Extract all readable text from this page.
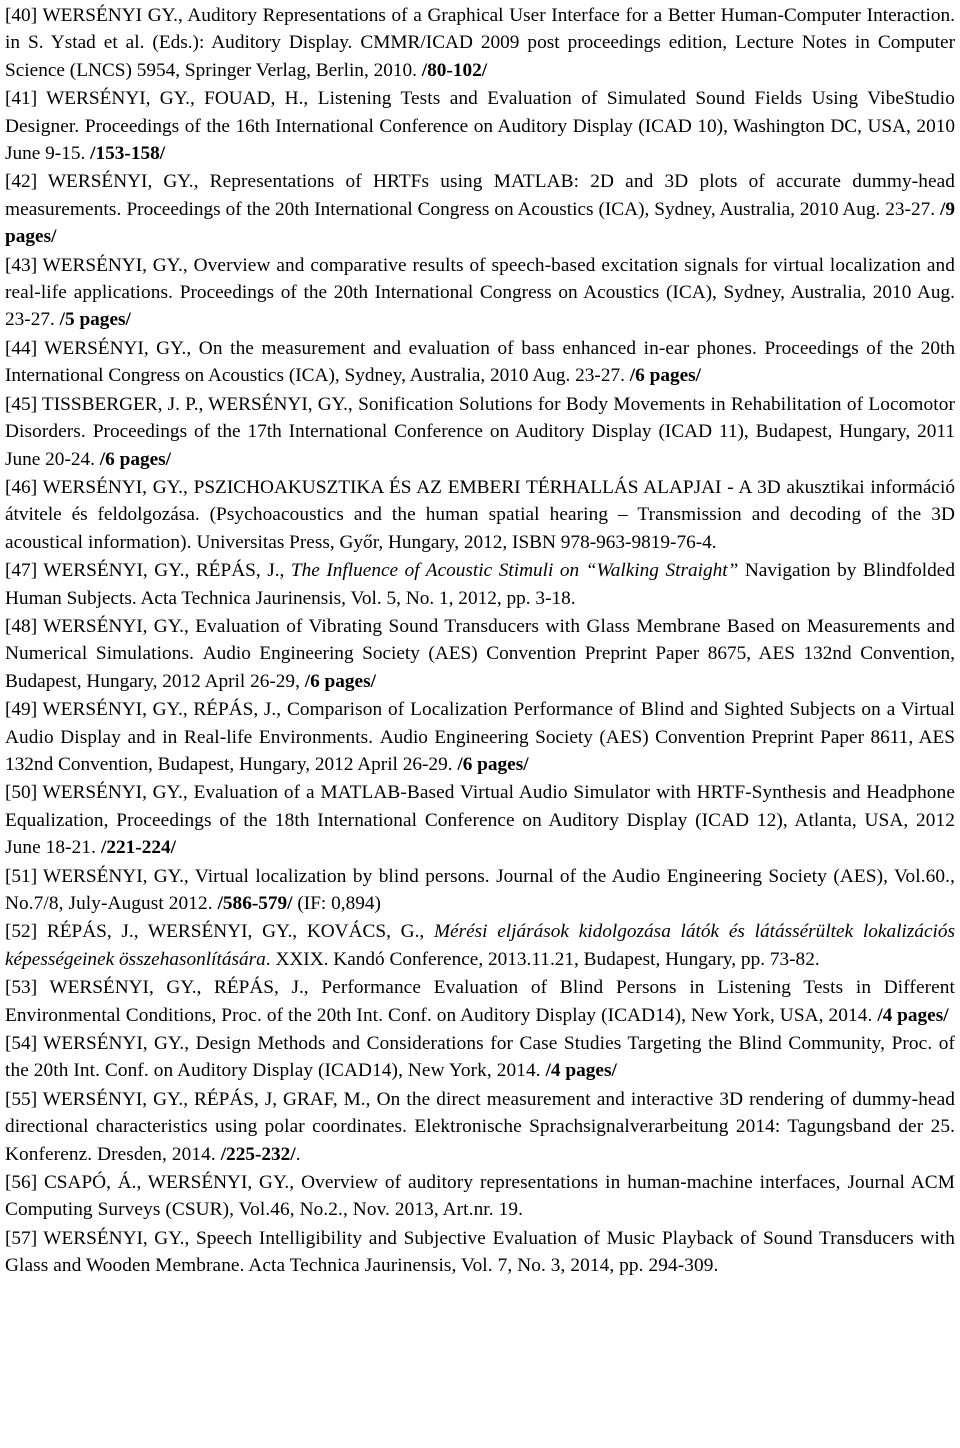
[40] WERSÉNYI GY., Auditory Representations of a Graphical User Interface for a Better Human-Computer Interaction. in S. Ystad et al. (Eds.): Auditory Display. CMMR/ICAD 2009 post proceedings edition, Lecture Notes in Computer Science (LNCS) 5954, Springer Verlag, Berlin, 2010. /80-102/

[41] WERSÉNYI, GY., FOUAD, H., Listening Tests and Evaluation of Simulated Sound Fields Using VibeStudio Designer. Proceedings of the 16th International Conference on Auditory Display (ICAD 10), Washington DC, USA, 2010 June 9-15. /153-158/

[42] WERSÉNYI, GY., Representations of HRTFs using MATLAB: 2D and 3D plots of accurate dummy-head measurements. Proceedings of the 20th International Congress on Acoustics (ICA), Sydney, Australia, 2010 Aug. 23-27. /9 pages/

[43] WERSÉNYI, GY., Overview and comparative results of speech-based excitation signals for virtual localization and real-life applications. Proceedings of the 20th International Congress on Acoustics (ICA), Sydney, Australia, 2010 Aug. 23-27. /5 pages/

[44] WERSÉNYI, GY., On the measurement and evaluation of bass enhanced in-ear phones. Proceedings of the 20th International Congress on Acoustics (ICA), Sydney, Australia, 2010 Aug. 23-27. /6 pages/

[45] TISSBERGER, J. P., WERSÉNYI, GY., Sonification Solutions for Body Movements in Rehabilitation of Locomotor Disorders. Proceedings of the 17th International Conference on Auditory Display (ICAD 11), Budapest, Hungary, 2011 June 20-24. /6 pages/

[46] WERSÉNYI, GY., PSZICHOAKUSZTIKA ÉS AZ EMBERI TÉRHALLÁS ALAPJAI - A 3D akusztikai információ átvitele és feldolgozása. (Psychoacoustics and the human spatial hearing – Transmission and decoding of the 3D acoustical information). Universitas Press, Győr, Hungary, 2012, ISBN 978-963-9819-76-4.

[47] WERSÉNYI, GY., RÉPÁS, J., The Influence of Acoustic Stimuli on “Walking Straight” Navigation by Blindfolded Human Subjects. Acta Technica Jaurinensis, Vol. 5, No. 1, 2012, pp. 3-18.

[48] WERSÉNYI, GY., Evaluation of Vibrating Sound Transducers with Glass Membrane Based on Measurements and Numerical Simulations. Audio Engineering Society (AES) Convention Preprint Paper 8675, AES 132nd Convention, Budapest, Hungary, 2012 April 26-29, /6 pages/

[49] WERSÉNYI, GY., RÉPÁS, J., Comparison of Localization Performance of Blind and Sighted Subjects on a Virtual Audio Display and in Real-life Environments. Audio Engineering Society (AES) Convention Preprint Paper 8611, AES 132nd Convention, Budapest, Hungary, 2012 April 26-29. /6 pages/

[50] WERSÉNYI, GY., Evaluation of a MATLAB-Based Virtual Audio Simulator with HRTF-Synthesis and Headphone Equalization, Proceedings of the 18th International Conference on Auditory Display (ICAD 12), Atlanta, USA, 2012 June 18-21. /221-224/

[51] WERSÉNYI, GY., Virtual localization by blind persons. Journal of the Audio Engineering Society (AES), Vol.60., No.7/8, July-August 2012. /586-579/ (IF: 0,894)

[52] RÉPÁS, J., WERSÉNYI, GY., KOVÁCS, G., Mérési eljárások kidolgozása látók és látássérültek lokalizációs képességeinek összehasonlítására. XXIX. Kandó Conference, 2013.11.21, Budapest, Hungary, pp. 73-82.

[53] WERSÉNYI, GY., RÉPÁS, J., Performance Evaluation of Blind Persons in Listening Tests in Different Environmental Conditions, Proc. of the 20th Int. Conf. on Auditory Display (ICAD14), New York, USA, 2014. /4 pages/

[54] WERSÉNYI, GY., Design Methods and Considerations for Case Studies Targeting the Blind Community, Proc. of the 20th Int. Conf. on Auditory Display (ICAD14), New York, 2014. /4 pages/

[55] WERSÉNYI, GY., RÉPÁS, J, GRAF, M., On the direct measurement and interactive 3D rendering of dummy-head directional characteristics using polar coordinates. Elektronische Sprachsignalverarbeitung 2014: Tagungsband der 25. Konferenz. Dresden, 2014. /225-232/.

[56] CSAPÓ, Á., WERSÉNYI, GY., Overview of auditory representations in human-machine interfaces, Journal ACM Computing Surveys (CSUR), Vol.46, No.2., Nov. 2013, Art.nr. 19.

[57] WERSÉNYI, GY., Speech Intelligibility and Subjective Evaluation of Music Playback of Sound Transducers with Glass and Wooden Membrane. Acta Technica Jaurinensis, Vol. 7, No. 3, 2014, pp. 294-309.
